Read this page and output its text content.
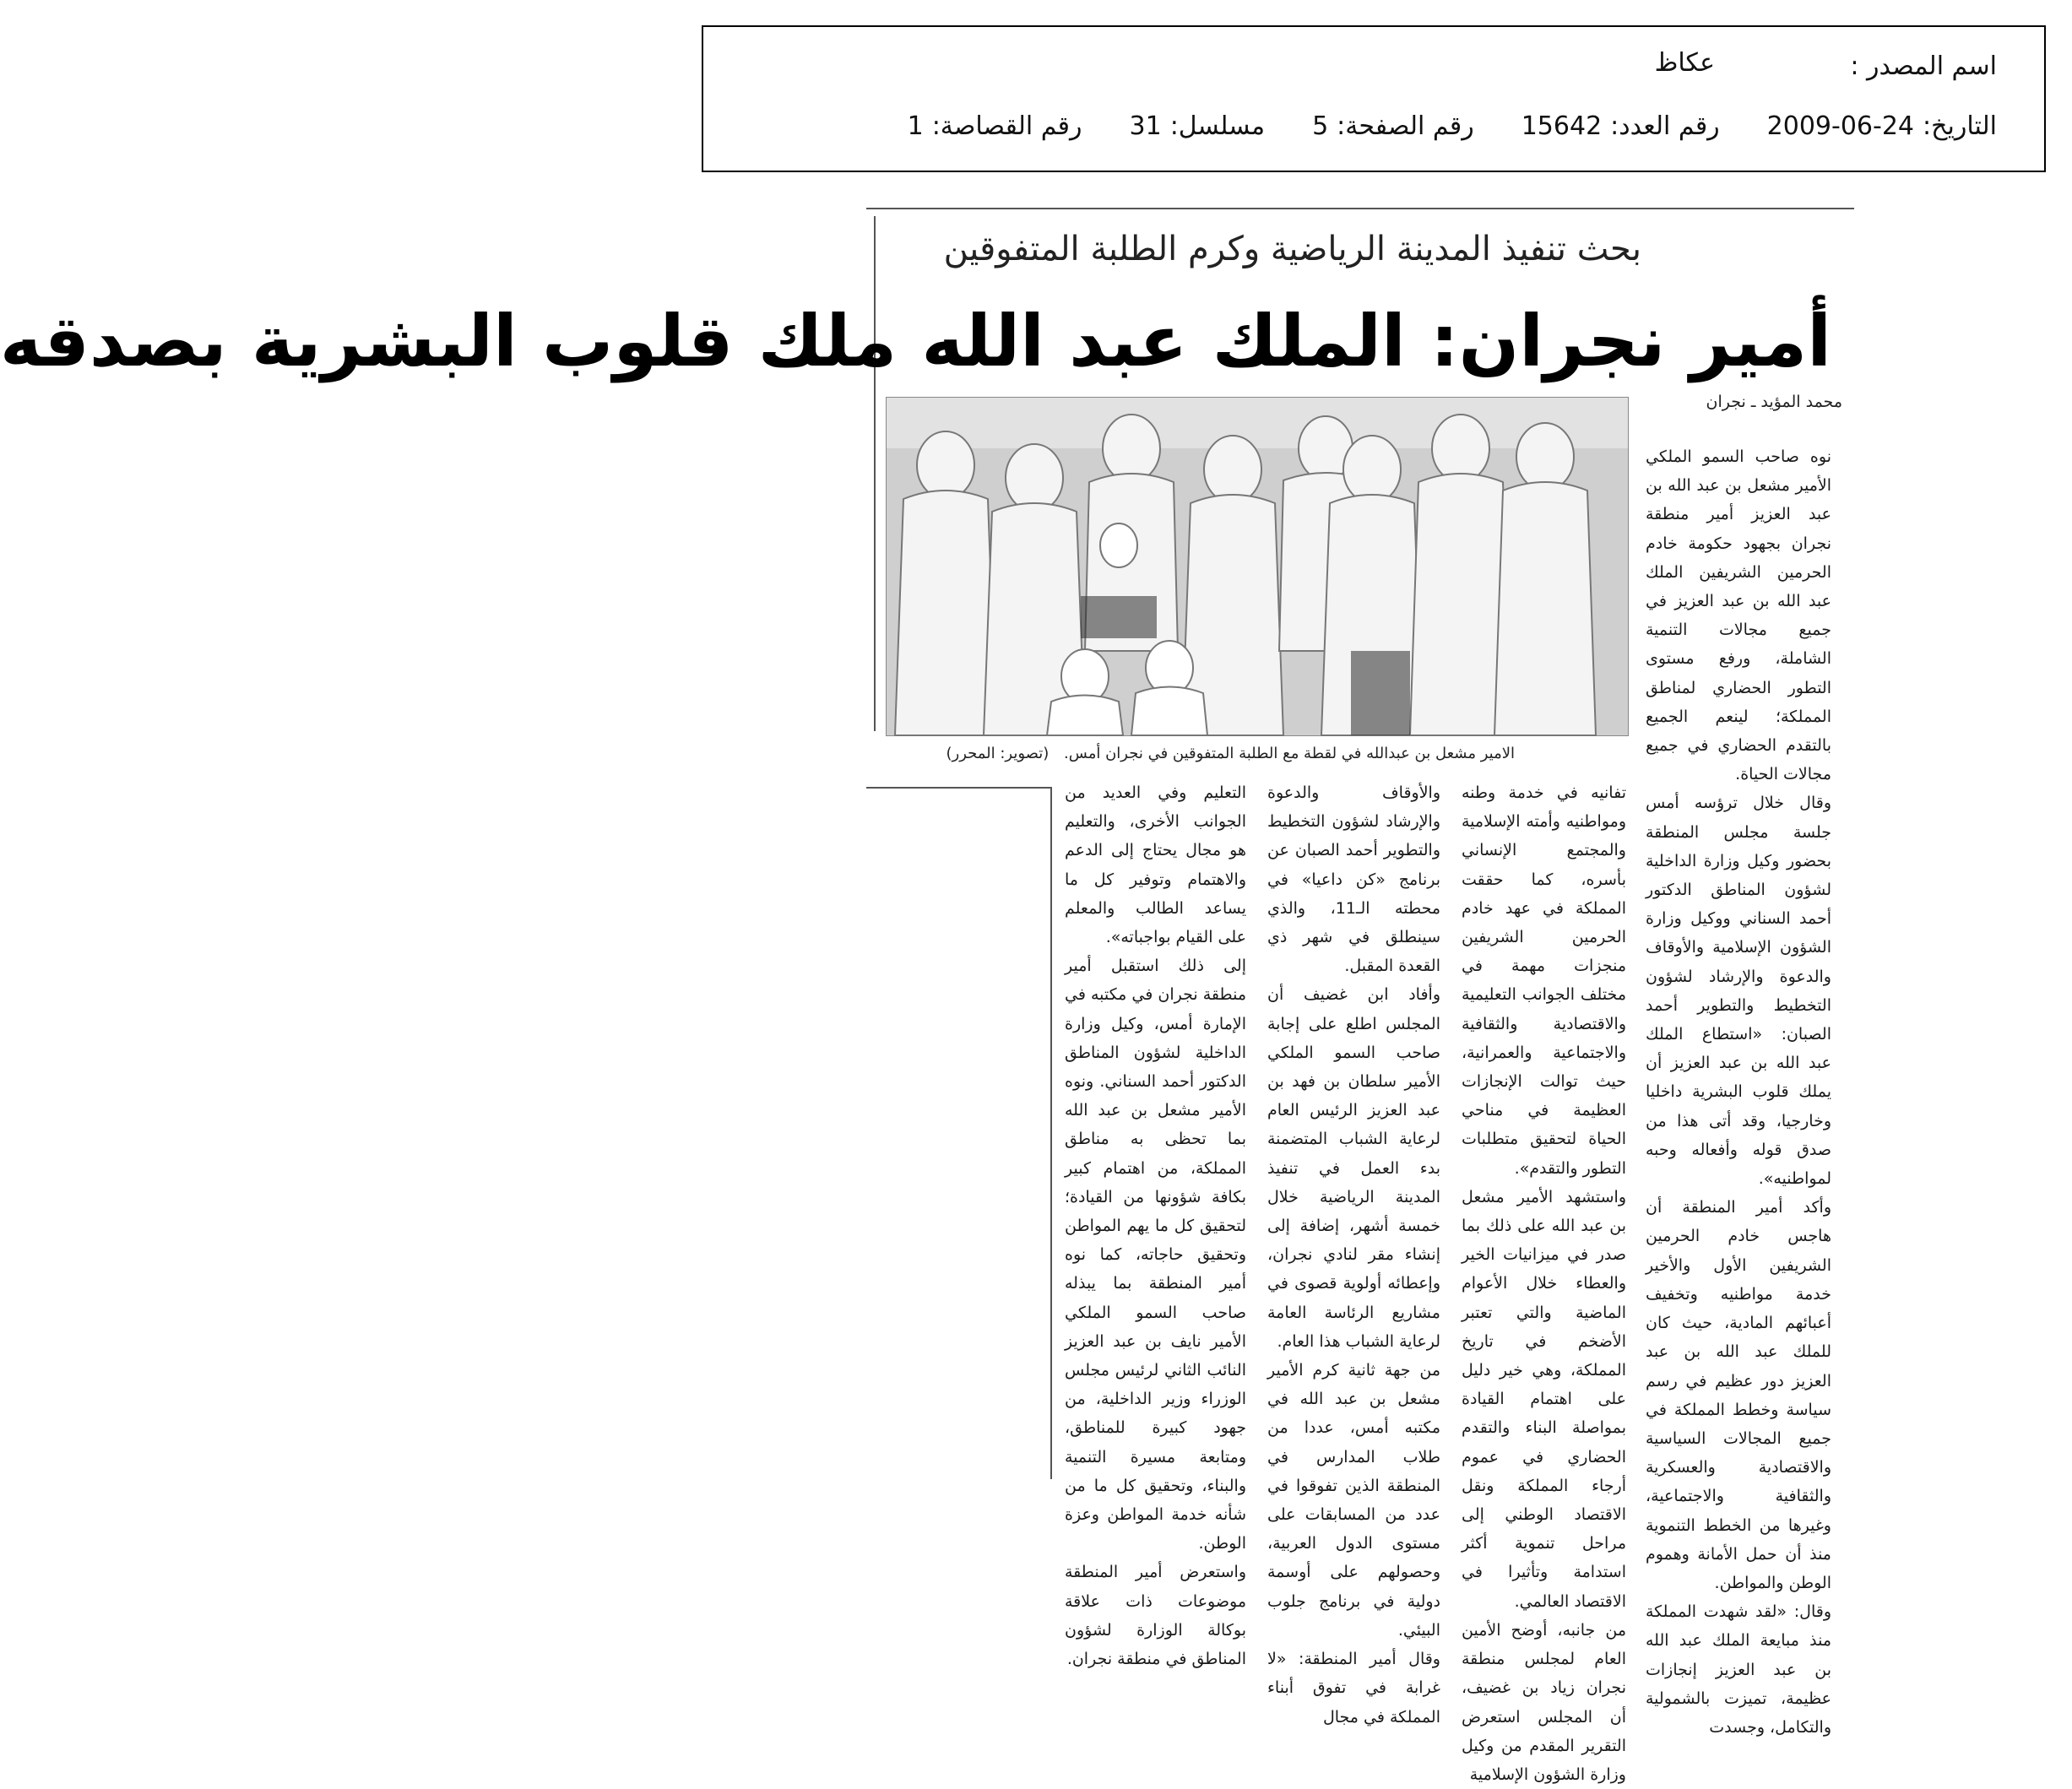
اسم المصدر :
عكاظ
التاريخ:
2009-06-24
رقم العدد:
15642
رقم الصفحة:
5
مسلسل:
31
رقم القصاصة:
1
بحث تنفيذ المدينة الرياضية وكرم الطلبة المتفوقين
أمير نجران: الملك عبد الله ملك قلوب البشرية بصدقه
محمد المؤيد ـ نجران
الامير مشعل بن عبدالله في لقطة مع الطلبة المتفوقين في نجران أمس. (تصوير: المحرر)

نوه صاحب السمو الملكي الأمير مشعل بن عبد الله بن عبد العزيز أمير منطقة نجران بجهود حكومة خادم الحرمين الشريفين الملك عبد الله بن عبد العزيز في جميع مجالات التنمية الشاملة، ورفع مستوى التطور الحضاري لمناطق المملكة؛ لينعم الجميع بالتقدم الحضاري في جميع مجالات الحياة.

وقال خلال ترؤسه أمس جلسة مجلس المنطقة بحضور وكيل وزارة الداخلية لشؤون المناطق الدكتور أحمد السناني ووكيل وزارة الشؤون الإسلامية والأوقاف والدعوة والإرشاد لشؤون التخطيط والتطوير أحمد الصبان: «استطاع الملك عبد الله بن عبد العزيز أن يملك قلوب البشرية داخليا وخارجيا، وقد أتى هذا من صدق قوله وأفعاله وحبه لمواطنيه».

وأكد أمير المنطقة أن هاجس خادم الحرمين الشريفين الأول والأخير خدمة مواطنيه وتخفيف أعبائهم المادية، حيث كان للملك عبد الله بن عبد العزيز دور عظيم في رسم سياسة وخطط المملكة في جميع المجالات السياسية والاقتصادية والعسكرية والثقافية والاجتماعية، وغيرها من الخطط التنموية منذ أن حمل الأمانة وهموم الوطن والمواطن.

وقال: «لقد شهدت المملكة منذ مبايعة الملك عبد الله بن عبد العزيز إنجازات عظيمة، تميزت بالشمولية والتكامل، وجسدت

تفانيه في خدمة وطنه ومواطنيه وأمته الإسلامية والمجتمع الإنساني بأسره، كما حققت المملكة في عهد خادم الحرمين الشريفين منجزات مهمة في مختلف الجوانب التعليمية والاقتصادية والثقافية والاجتماعية والعمرانية، حيث توالت الإنجازات العظيمة في مناحي الحياة لتحقيق متطلبات التطور والتقدم».

واستشهد الأمير مشعل بن عبد الله على ذلك بما صدر في ميزانيات الخير والعطاء خلال الأعوام الماضية والتي تعتبر الأضخم في تاريخ المملكة، وهي خير دليل على اهتمام القيادة بمواصلة البناء والتقدم الحضاري في عموم أرجاء المملكة ونقل الاقتصاد الوطني إلى مراحل تنموية أكثر استدامة وتأثيرا في الاقتصاد العالمي.

من جانبه، أوضح الأمين العام لمجلس منطقة نجران زياد بن غضيف، أن المجلس استعرض التقرير المقدم من وكيل وزارة الشؤون الإسلامية

والأوقاف والدعوة والإرشاد لشؤون التخطيط والتطوير أحمد الصبان عن برنامج «كن داعيا» في محطته الـ11، والذي سينطلق في شهر ذي القعدة المقبل.

وأفاد ابن غضيف أن المجلس اطلع على إجابة صاحب السمو الملكي الأمير سلطان بن فهد بن عبد العزيز الرئيس العام لرعاية الشباب المتضمنة بدء العمل في تنفيذ المدينة الرياضية خلال خمسة أشهر، إضافة إلى إنشاء مقر لنادي نجران، وإعطائه أولوية قصوى في مشاريع الرئاسة العامة لرعاية الشباب هذا العام.

من جهة ثانية كرم الأمير مشعل بن عبد الله في مكتبه أمس، عددا من طلاب المدارس في المنطقة الذين تفوقوا في عدد من المسابقات على مستوى الدول العربية، وحصولهم على أوسمة دولية في برنامج جلوب البيئي.

وقال أمير المنطقة: «لا غرابة في تفوق أبناء المملكة في مجال

التعليم وفي العديد من الجوانب الأخرى، والتعليم هو مجال يحتاج إلى الدعم والاهتمام وتوفير كل ما يساعد الطالب والمعلم على القيام بواجباته».

إلى ذلك استقبل أمير منطقة نجران في مكتبه في الإمارة أمس، وكيل وزارة الداخلية لشؤون المناطق الدكتور أحمد السناني. ونوه الأمير مشعل بن عبد الله بما تحظى به مناطق المملكة، من اهتمام كبير بكافة شؤونها من القيادة؛ لتحقيق كل ما يهم المواطن وتحقيق حاجاته، كما نوه أمير المنطقة بما يبذله صاحب السمو الملكي الأمير نايف بن عبد العزيز النائب الثاني لرئيس مجلس الوزراء وزير الداخلية، من جهود كبيرة للمناطق، ومتابعة مسيرة التنمية والبناء، وتحقيق كل ما من شأنه خدمة المواطن وعزة الوطن.

واستعرض أمير المنطقة موضوعات ذات علاقة بوكالة الوزارة لشؤون المناطق في منطقة نجران.
